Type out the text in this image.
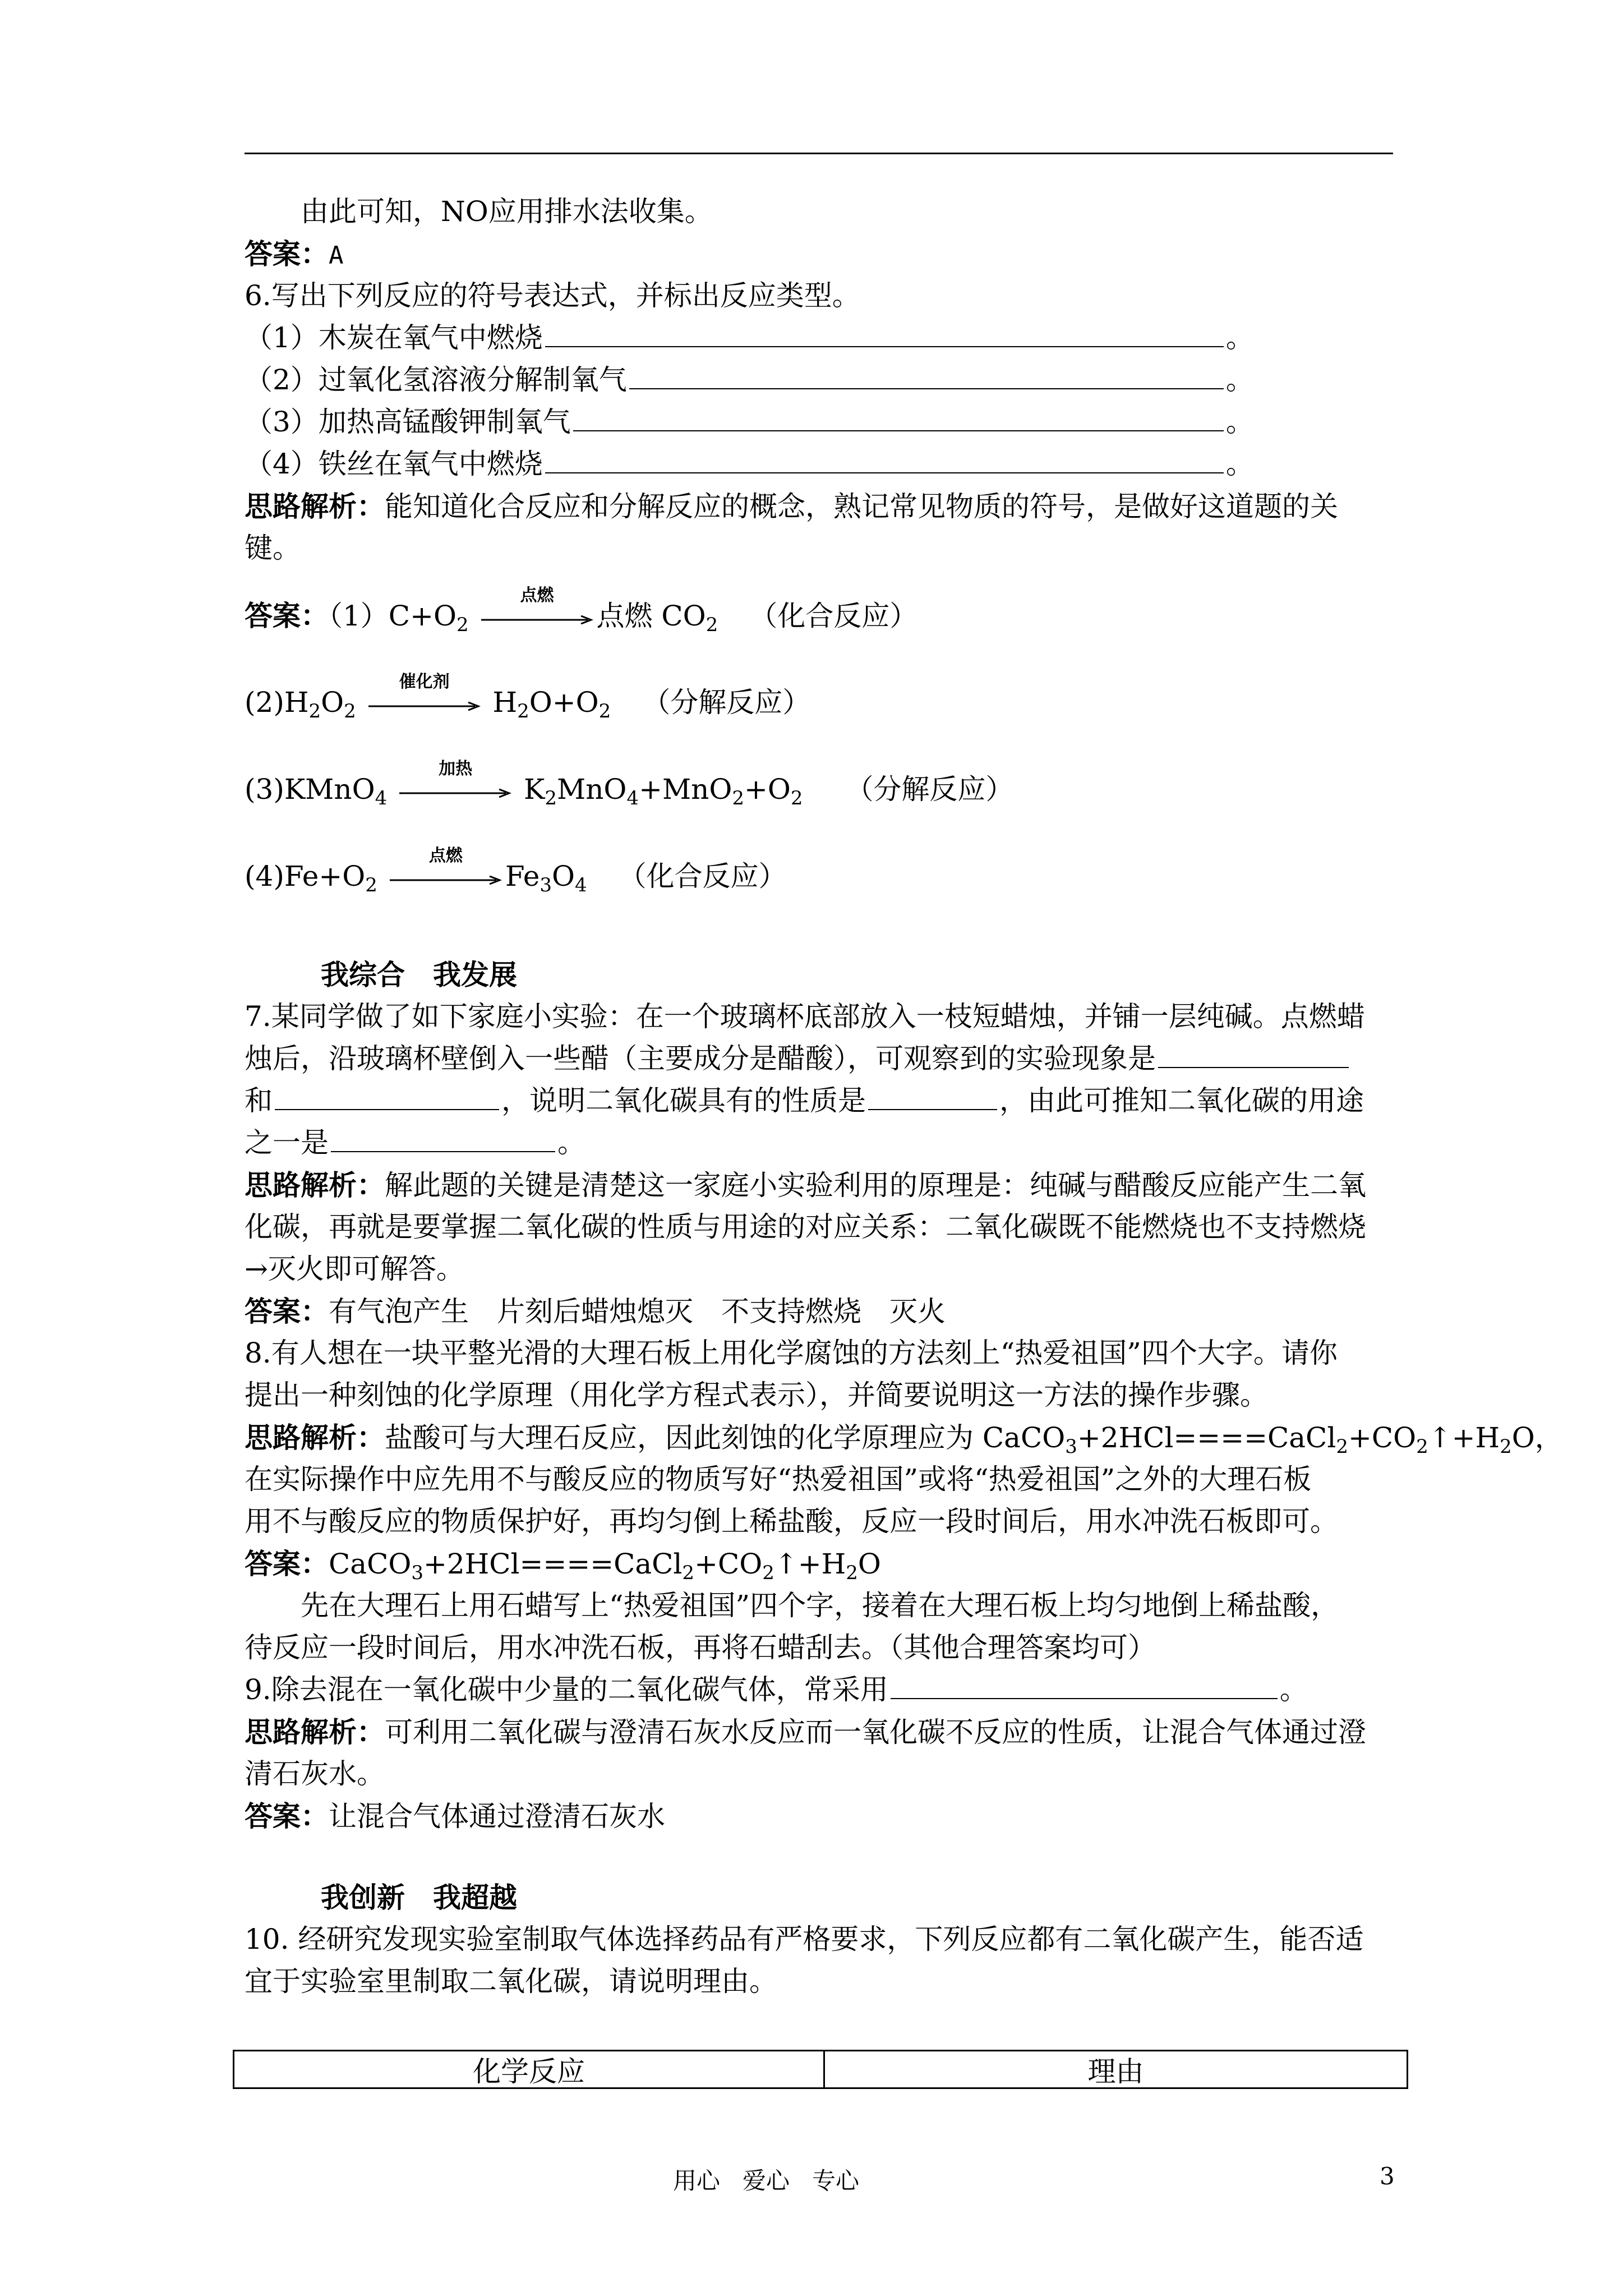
由此可知，NO应用排水法收集。
答案：A
6.写出下列反应的符号表达式，并标出反应类型。
（1）木炭在氧气中燃烧	。
（2）过氧化氢溶液分解制氧气	。
（3）加热高锰酸钾制氧气	。
（4）铁丝在氧气中燃烧	。
思路解析：能知道化合反应和分解反应的概念，熟记常见物质的符号，是做好这道题的关
键。
答案：$(1)C+O_2$
点燃
点燃 $CO_2$ （化合反应）
$(2)H_2O_2$
催化剂
$H_2O+O_2$ （分解反应）
(3)KMnO$_4$
加热
$K_2MnO_4+MnO_2+O_2$ （分解反应）
$(4)Fe+O_2$
点燃
$Fe_3O_4$ （化合反应）
我综合　我发展
7.某同学做了如下家庭小实验：在一个玻璃杯底部放入一枝短蜡烛，并铺一层纯碱。点燃蜡
烛后，沿玻璃杯壁倒入一些醋（主要成分是醋酸），可观察到的实验现象是
和	，说明二氧化碳具有的性质是	，由此可推知二氧化碳的用途
之一是	。
思路解析：解此题的关键是清楚这一家庭小实验利用的原理是：纯碱与醋酸反应能产生二氧
化碳，再就是要掌握二氧化碳的性质与用途的对应关系：二氧化碳既不能燃烧也不支持燃烧
→灭火即可解答。
答案：有气泡产生　片刻后蜡烛熄灭　不支持燃烧　灭火
8.有人想在一块平整光滑的大理石板上用化学腐蚀的方法刻上“热爱祖国”四个大字。请你
提出一种刻蚀的化学原理（用化学方程式表示），并简要说明这一方法的操作步骤。
思路解析：盐酸可与大理石反应，因此刻蚀的化学原理应为 $CaCO_3+2HCl====CaCl_2+CO_2↑+H_2O$，
在实际操作中应先用不与酸反应的物质写好“热爱祖国”或将“热爱祖国”之外的大理石板
用不与酸反应的物质保护好，再均匀倒上稀盐酸，反应一段时间后，用水冲洗石板即可。
答案：$CaCO_3+2HCl====CaCl_2+CO_2↑+H_2O$
先在大理石上用石蜡写上“热爱祖国”四个字，接着在大理石板上均匀地倒上稀盐酸，
待反应一段时间后，用水冲洗石板，再将石蜡刮去。（其他合理答案均可）
9.除去混在一氧化碳中少量的二氧化碳气体，常采用	。
思路解析：可利用二氧化碳与澄清石灰水反应而一氧化碳不反应的性质，让混合气体通过澄
清石灰水。
答案：让混合气体通过澄清石灰水
我创新　我超越
10. 经研究发现实验室制取气体选择药品有严格要求，下列反应都有二氧化碳产生，能否适
宜于实验室里制取二氧化碳，请说明理由。
化学反应	理由
用心 爱心 专心	3
